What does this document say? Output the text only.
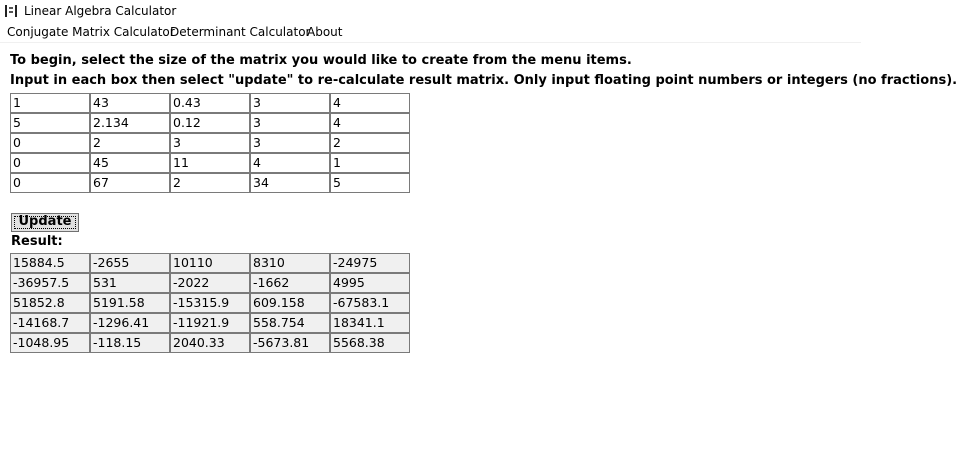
Linear Algebra Calculator
Conjugate Matrix Calculator
Determinant Calculator
About
To begin, select the size of the matrix you would like to create from the menu items.
Input in each box then select "update" to re-calculate result matrix. Only input floating point numbers or integers (no fractions).
1	43	0.43	3	4
5	2.134	0.12	3	4
0	2	3	3	2
0	45	11	4	1
0	67	2	34	5
Update
Result:
15884.5	-2655	10110	8310	-24975
-36957.5	531	-2022	-1662	4995
51852.8	5191.58	-15315.9	609.158	-67583.1
-14168.7	-1296.41	-11921.9	558.754	18341.1
-1048.95	-118.15	2040.33	-5673.81	5568.38
